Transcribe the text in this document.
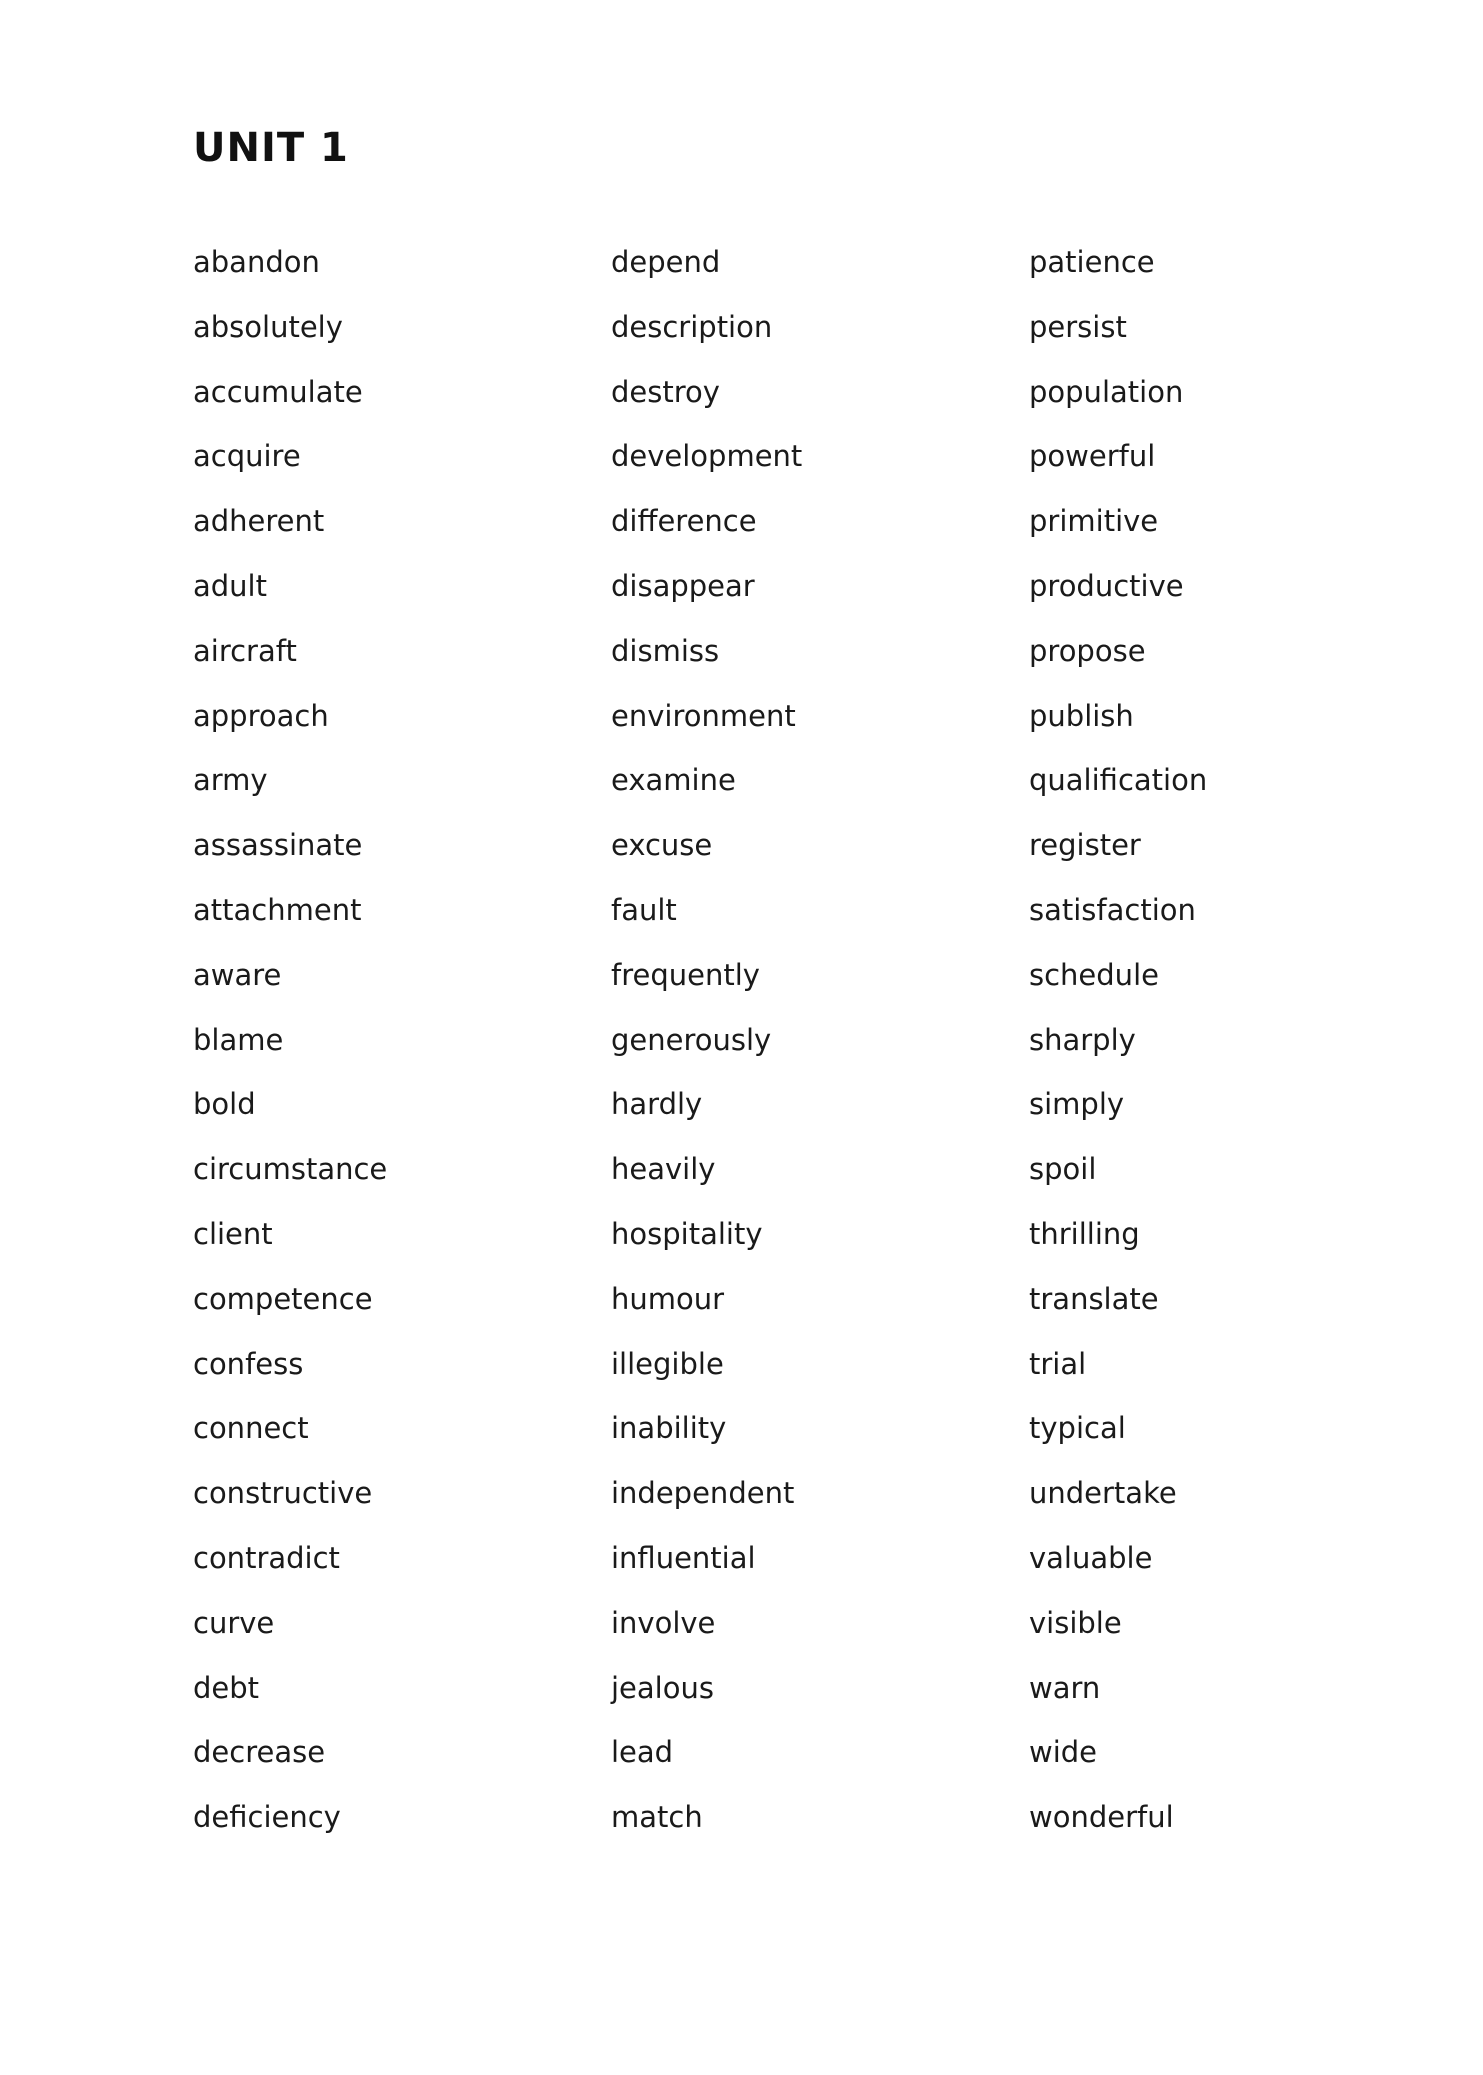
UNIT 1
abandon
absolutely
accumulate
acquire
adherent
adult
aircraft
approach
army
assassinate
attachment
aware
blame
bold
circumstance
client
competence
confess
connect
constructive
contradict
curve
debt
decrease
deficiency
depend
description
destroy
development
difference
disappear
dismiss
environment
examine
excuse
fault
frequently
generously
hardly
heavily
hospitality
humour
illegible
inability
independent
influential
involve
jealous
lead
match
patience
persist
population
powerful
primitive
productive
propose
publish
qualification
register
satisfaction
schedule
sharply
simply
spoil
thrilling
translate
trial
typical
undertake
valuable
visible
warn
wide
wonderful
